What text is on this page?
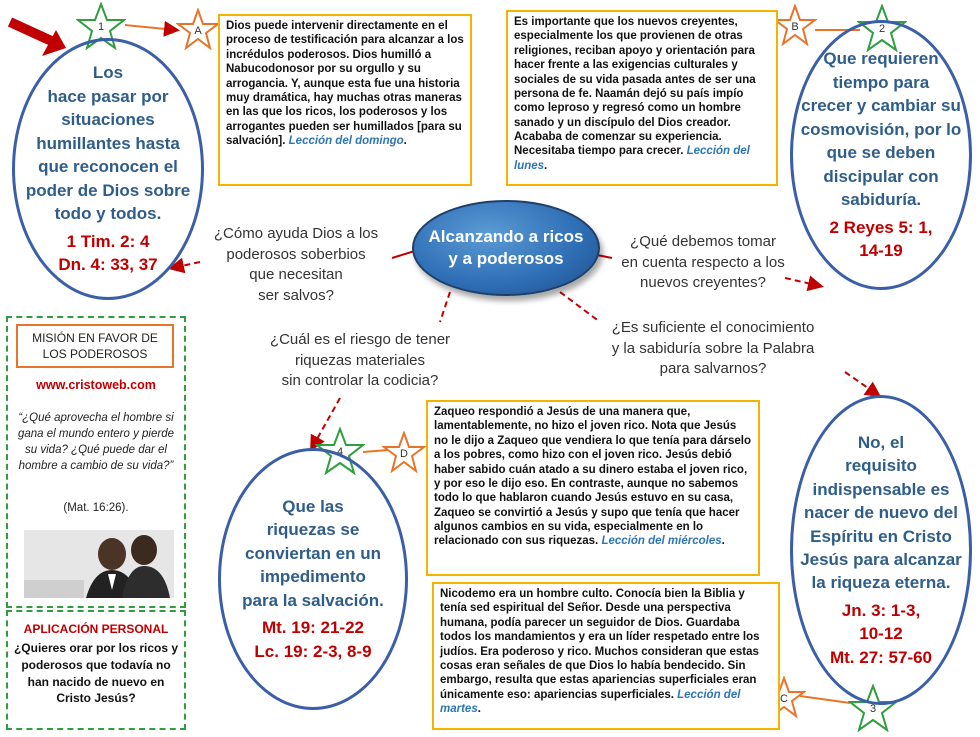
1	A	B	2
4	D
C
3
Los
hace pasar por
situaciones
humillantes hasta
que reconocen el
poder de Dios sobre
todo y todos.
1 Tim. 2: 4
Dn. 4: 33, 37
Que requieren
tiempo para
crecer y cambiar su
cosmovisión, por lo
que se deben
discipular con
sabiduría.
2 Reyes 5: 1,
14-19
No, el
requisito
indispensable es
nacer de nuevo del
Espíritu en Cristo
Jesús para alcanzar
la riqueza eterna.
Jn. 3: 1-3,
10-12
Mt. 27: 57-60
Que las
riquezas se
conviertan en un
impedimento
para la salvación.
Mt. 19: 21-22
Lc. 19: 2-3, 8-9
Alcanzando a ricos
y a poderosos
¿Cómo ayuda Dios a los
poderosos soberbios
que necesitan
ser salvos?
¿Qué debemos tomar
en cuenta respecto a los
nuevos creyentes?
¿Es suficiente el conocimiento
y la sabiduría sobre la Palabra
para salvarnos?
¿Cuál es el riesgo de tener
riquezas materiales
sin controlar la codicia?
Dios puede intervenir directamente en el proceso de testificación para alcanzar a los incrédulos poderosos. Dios humilló a Nabucodonosor por su orgullo y su arrogancia. Y, aunque esta fue una historia muy dramática, hay muchas otras maneras en las que los ricos, los poderosos y los arrogantes pueden ser humillados [para su salvación]. Lección del domingo.
Es importante que los nuevos creyentes, especialmente los que provienen de otras religiones, reciban apoyo y orientación para hacer frente a las exigencias culturales y sociales de su vida pasada antes de ser una persona de fe. Naamán dejó su país impío como leproso y regresó como un hombre sanado y un discípulo del Dios creador. Acababa de comenzar su experiencia. Necesitaba tiempo para crecer. Lección del lunes.
Zaqueo respondió a Jesús de una manera que, lamentablemente, no hizo el joven rico. Nota que Jesús no le dijo a Zaqueo que vendiera lo que tenía para dárselo a los pobres, como hizo con el joven rico. Jesús debió haber sabido cuán atado a su dinero estaba el joven rico, y por eso le dijo eso. En contraste, aunque no sabemos todo lo que hablaron cuando Jesús estuvo en su casa, Zaqueo se convirtió a Jesús y supo que tenía que hacer algunos cambios en su vida, especialmente en lo relacionado con sus riquezas. Lección del miércoles.
Nicodemo era un hombre culto. Conocía bien la Biblia y tenía sed espiritual del Señor. Desde una perspectiva humana, podía parecer un seguidor de Dios. Guardaba todos los mandamientos y era un líder respetado entre los judíos. Era poderoso y rico. Muchos consideran que estas cosas eran señales de que Dios lo había bendecido. Sin embargo, resulta que estas apariencias superficiales eran únicamente eso: apariencias superficiales. Lección del martes.
MISIÓN EN FAVOR DE LOS PODEROSOS
www.cristoweb.com
“¿Qué aprovecha el hombre si gana el mundo entero y pierde su vida? ¿Qué puede dar el hombre a cambio de su vida?”
(Mat. 16:26).
APLICACIÓN PERSONAL
¿Quieres orar por los ricos y poderosos que todavía no han nacido de nuevo en Cristo Jesús?
